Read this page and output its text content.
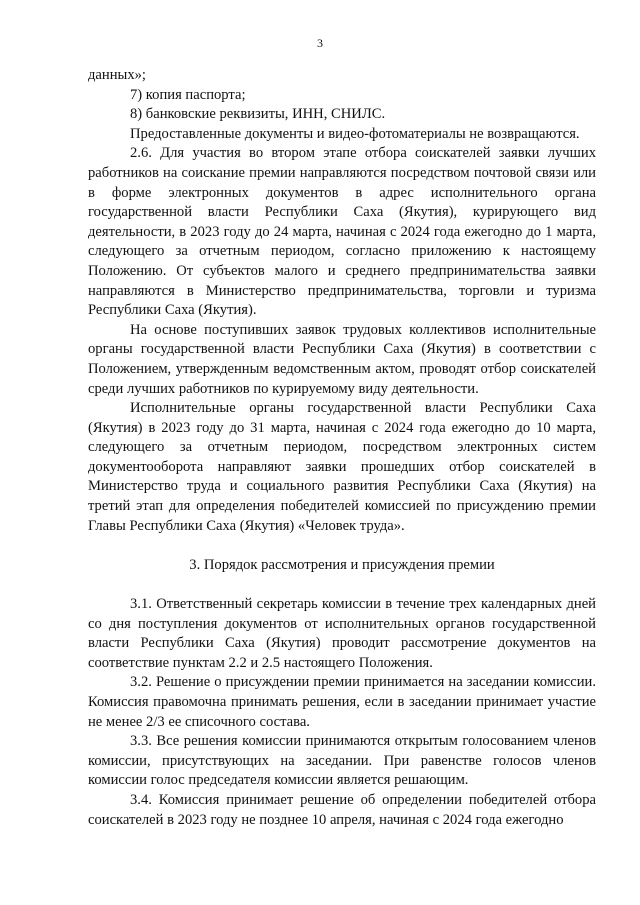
3

данных»;

7) копия паспорта;

8) банковские реквизиты, ИНН, СНИЛС.

Предоставленные документы и видео-фотоматериалы не возвращаются.

2.6. Для участия во втором этапе отбора соискателей заявки лучших работников на соискание премии направляются посредством почтовой связи или в форме электронных документов в адрес исполнительного органа государственной власти Республики Саха (Якутия), курирующего вид деятельности, в 2023 году до 24 марта, начиная с 2024 года ежегодно до 1 марта, следующего за отчетным периодом, согласно приложению к настоящему Положению. От субъектов малого и среднего предпринимательства заявки направляются в Министерство предпринимательства, торговли и туризма Республики Саха (Якутия).

На основе поступивших заявок трудовых коллективов исполнительные органы государственной власти Республики Саха (Якутия) в соответствии с Положением, утвержденным ведомственным актом, проводят отбор соискателей среди лучших работников по курируемому виду деятельности.

Исполнительные органы государственной власти Республики Саха (Якутия) в 2023 году до 31 марта, начиная с 2024 года ежегодно до 10 марта, следующего за отчетным периодом, посредством электронных систем документооборота направляют заявки прошедших отбор соискателей в Министерство труда и социального развития Республики Саха (Якутия) на третий этап для определения победителей комиссией по присуждению премии Главы Республики Саха (Якутия) «Человек труда».

3. Порядок рассмотрения и присуждения премии

3.1. Ответственный секретарь комиссии в течение трех календарных дней со дня поступления документов от исполнительных органов государственной власти Республики Саха (Якутия) проводит рассмотрение документов на соответствие пунктам 2.2 и 2.5 настоящего Положения.

3.2. Решение о присуждении премии принимается на заседании комиссии. Комиссия правомочна принимать решения, если в заседании принимает участие не менее 2/3 ее списочного состава.

3.3. Все решения комиссии принимаются открытым голосованием членов комиссии, присутствующих на заседании. При равенстве голосов членов комиссии голос председателя комиссии является решающим.

3.4. Комиссия принимает решение об определении победителей отбора соискателей в 2023 году не позднее 10 апреля, начиная с 2024 года ежегодно
